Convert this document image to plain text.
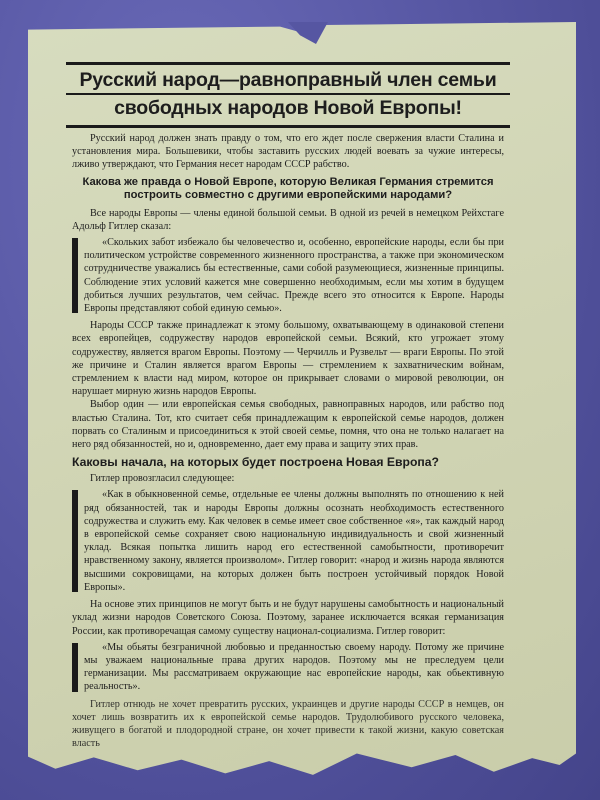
Русский народ—равноправный член семьи
свободных народов Новой Европы!

Русский народ должен знать правду о том, что его ждет после свержения власти Сталина и установления мира. Большевики, чтобы заставить русских людей воевать за чужие интересы, лживо утверждают, что Германия несет народам СССР рабство.

Какова же правда о Новой Европе, которую Великая Германия стремится построить совместно с другими европейскими народами?

Все народы Европы — члены единой большой семьи. В одной из речей в немецком Рейхстаге Адольф Гитлер сказал:

«Скольких забот избежало бы человечество и, особенно, европейские народы, если бы при политическом устройстве современного жизненного пространства, а также при экономическом сотрудничестве уважались бы естественные, сами собой разумеющиеся, жизненные принципы. Соблюдение этих условий кажется мне совершенно необходимым, если мы хотим в будущем добиться лучших результатов, чем сейчас. Прежде всего это относится к Европе. Народы Европы представляют собой единую семью».

Народы СССР также принадлежат к этому большому, охватывающему в одинаковой степени всех европейцев, содружеству народов европейской семьи. Всякий, кто угрожает этому содружеству, является врагом Европы. Поэтому — Черчилль и Рузвельт — враги Европы. По этой же причине и Сталин является врагом Европы — стремлением к захватническим войнам, стремлением к власти над миром, которое он прикрывает словами о мировой революции, он нарушает мирную жизнь народов Европы.

Выбор один — или европейская семья свободных, равноправных народов, или рабство под властью Сталина. Тот, кто считает себя принадлежащим к европейской семье народов, должен порвать со Сталиным и присоединиться к этой своей семье, помня, что она не только налагает на него ряд обязанностей, но и, одновременно, дает ему права и защиту этих прав.

Каковы начала, на которых будет построена Новая Европа?

Гитлер провозгласил следующее:

«Как в обыкновенной семье, отдельные ее члены должны выполнять по отношению к ней ряд обязанностей, так и народы Европы должны осознать необходимость естественного содружества и служить ему. Как человек в семье имеет свое собственное «я», так каждый народ в европейской семье сохраняет свою национальную индивидуальность и свой жизненный уклад. Всякая попытка лишить народ его естественной самобытности, противоречит нравственному закону, является произволом». Гитлер говорит: «народ и жизнь народа являются высшими сокровищами, на которых должен быть построен устойчивый порядок Новой Европы».

На основе этих принципов не могут быть и не будут нарушены самобытность и национальный уклад жизни народов Советского Союза. Поэтому, заранее исключается всякая германизация России, как противоречащая самому существу национал-социализма. Гитлер говорит:

«Мы обьяты безграничной любовью и преданностью своему народу. Потому же причине мы уважаем национальные права других народов. Поэтому мы не преследуем цели германизации. Мы рассматриваем окружающие нас европейские народы, как обьективную реальность».

Гитлер отнюдь не хочет превратить русских, украинцев и другие народы СССР в немцев, он хочет лишь возвратить их к европейской семье народов. Трудолюбивого русского человека, живущего в богатой и плодородной стране, он хочет привести к такой жизни, какую советская власть
